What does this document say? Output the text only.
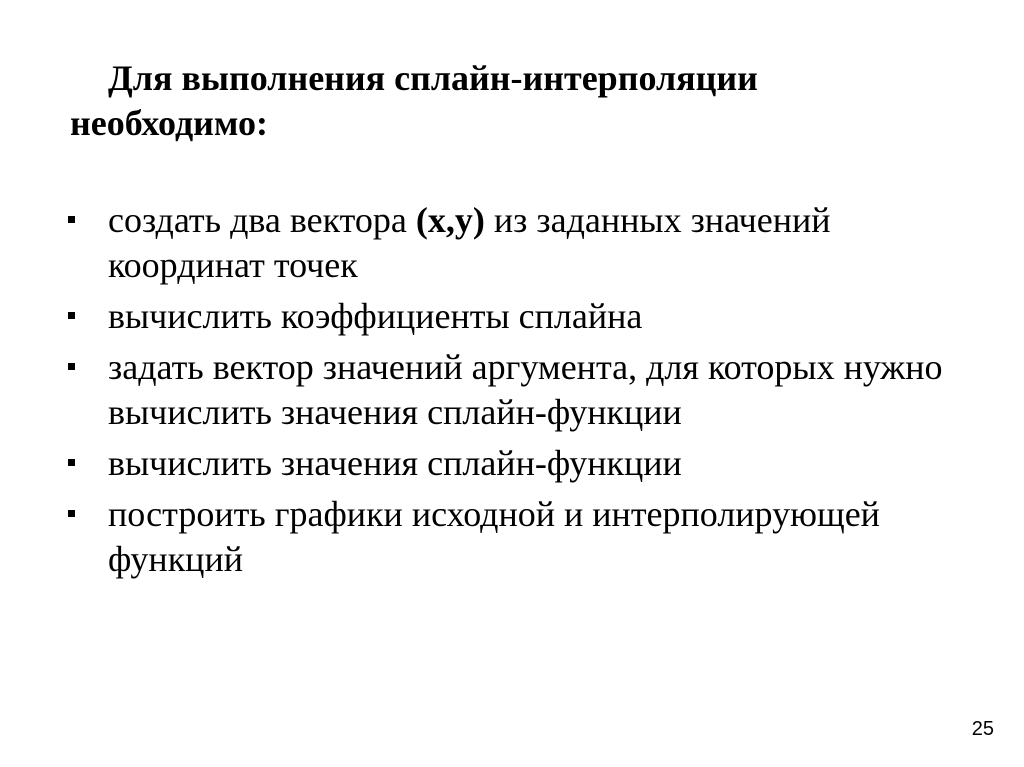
Для выполнения сплайн-интерполяции
необходимо:
создать два вектора (х,у) из заданных значений координат точек
вычислить коэффициенты сплайна
задать вектор значений аргумента, для которых нужно вычислить значения сплайн-функции
вычислить значения сплайн-функции
построить графики исходной и интерполирующей функций
25
